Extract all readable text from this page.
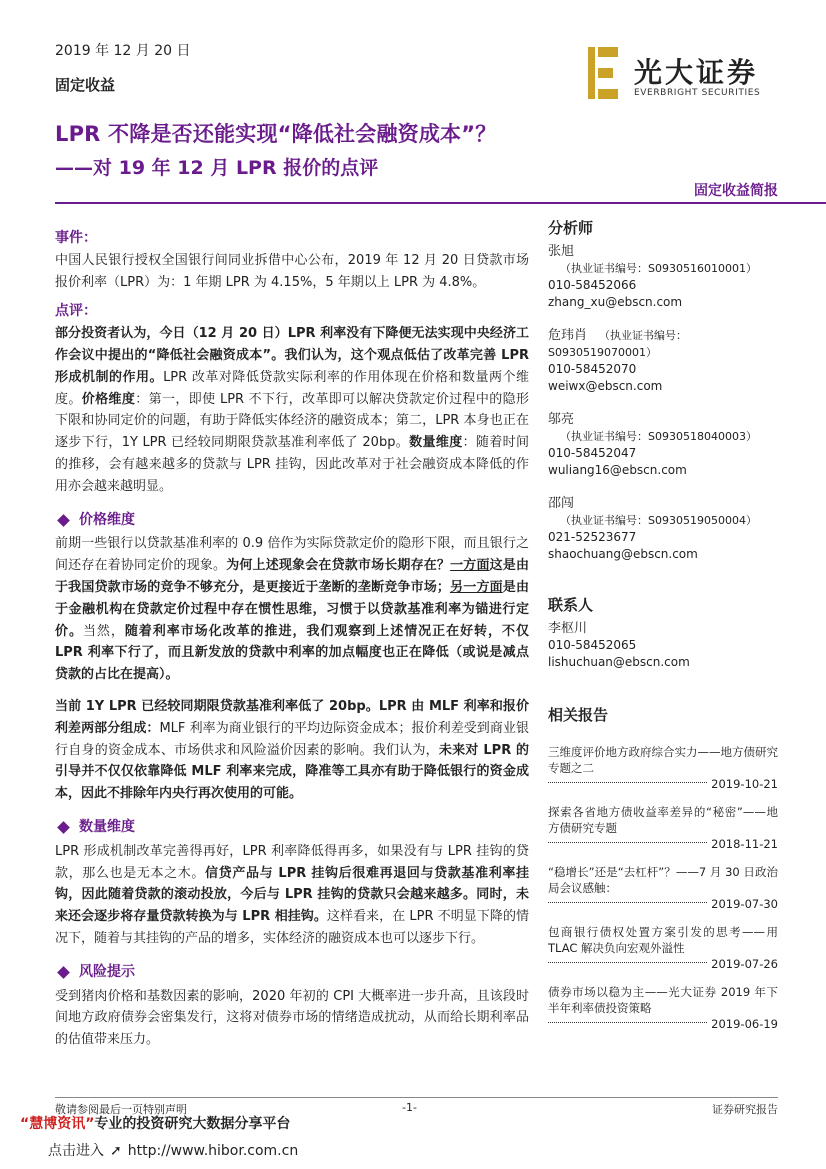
2019 年 12 月 20 日
固定收益
LPR 不降是否还能实现“降低社会融资成本”？
——对 19 年 12 月 LPR 报价的点评
固定收益简报
光大证券
EVERBRIGHT SECURITIES

事件：

中国人民银行授权全国银行间同业拆借中心公布，2019 年 12 月 20 日贷款市场报价利率（LPR）为：1 年期 LPR 为 4.15%，5 年期以上 LPR 为 4.8%。

点评：

部分投资者认为，今日（12 月 20 日）LPR 利率没有下降便无法实现中央经济工作会议中提出的“降低社会融资成本”。我们认为，这个观点低估了改革完善 LPR 形成机制的作用。LPR 改革对降低贷款实际利率的作用体现在价格和数量两个维度。价格维度：第一，即使 LPR 不下行，改革即可以解决贷款定价过程中的隐形下限和协同定价的问题，有助于降低实体经济的融资成本；第二，LPR 本身也正在逐步下行，1Y LPR 已经较同期限贷款基准利率低了 20bp。数量维度：随着时间的推移，会有越来越多的贷款与 LPR 挂钩，因此改革对于社会融资成本降低的作用亦会越来越明显。

价格维度

前期一些银行以贷款基准利率的 0.9 倍作为实际贷款定价的隐形下限，而且银行之间还存在着协同定价的现象。为何上述现象会在贷款市场长期存在？一方面这是由于我国贷款市场的竞争不够充分，是更接近于垄断的垄断竞争市场；另一方面是由于金融机构在贷款定价过程中存在惯性思维，习惯于以贷款基准利率为锚进行定价。当然，随着利率市场化改革的推进，我们观察到上述情况正在好转，不仅 LPR 利率下行了，而且新发放的贷款中利率的加点幅度也正在降低（或说是减点贷款的占比在提高）。

当前 1Y LPR 已经较同期限贷款基准利率低了 20bp。LPR 由 MLF 利率和报价利差两部分组成：MLF 利率为商业银行的平均边际资金成本；报价利差受到商业银行自身的资金成本、市场供求和风险溢价因素的影响。我们认为，未来对 LPR 的引导并不仅仅依靠降低 MLF 利率来完成，降准等工具亦有助于降低银行的资金成本，因此不排除年内央行再次使用的可能。

数量维度

LPR 形成机制改革完善得再好，LPR 利率降低得再多，如果没有与 LPR 挂钩的贷款，那么也是无本之木。信贷产品与 LPR 挂钩后很难再退回与贷款基准利率挂钩，因此随着贷款的滚动投放，今后与 LPR 挂钩的贷款只会越来越多。同时，未来还会逐步将存量贷款转换为与 LPR 相挂钩。这样看来，在 LPR 不明显下降的情况下，随着与其挂钩的产品的增多，实体经济的融资成本也可以逐步下行。

风险提示

受到猪肉价格和基数因素的影响，2020 年初的 CPI 大概率进一步升高，且该段时间地方政府债券会密集发行，这将对债券市场的情绪造成扰动，从而给长期利率品的估值带来压力。

分析师
张旭（执业证书编号：S0930516010001）
010-58452066
zhang_xu@ebscn.com
危玮肖 （执业证书编号：S0930519070001）
010-58452070
weiwx@ebscn.com
邬亮（执业证书编号：S0930518040003）
010-58452047
wuliang16@ebscn.com
邵闯（执业证书编号：S0930519050004）
021-52523677
shaochuang@ebscn.com
联系人
李枢川
010-58452065
lishuchuan@ebscn.com
相关报告
三维度评价地方政府综合实力——地方债研究专题之二
2019-10-21
探索各省地方债收益率差异的“秘密”——地方债研究专题
2018-11-21
“稳增长”还是“去杠杆”？——7 月 30 日政治局会议感触：
2019-07-30
包商银行债权处置方案引发的思考——用 TLAC 解决负向宏观外溢性
2019-07-26
债券市场以稳为主——光大证券 2019 年下半年利率债投资策略
2019-06-19
敬请参阅最后一页特别声明	-1-	证券研究报告
“慧博资讯”专业的投资研究大数据分享平台
点击进入 ➚ http://www.hibor.com.cn
